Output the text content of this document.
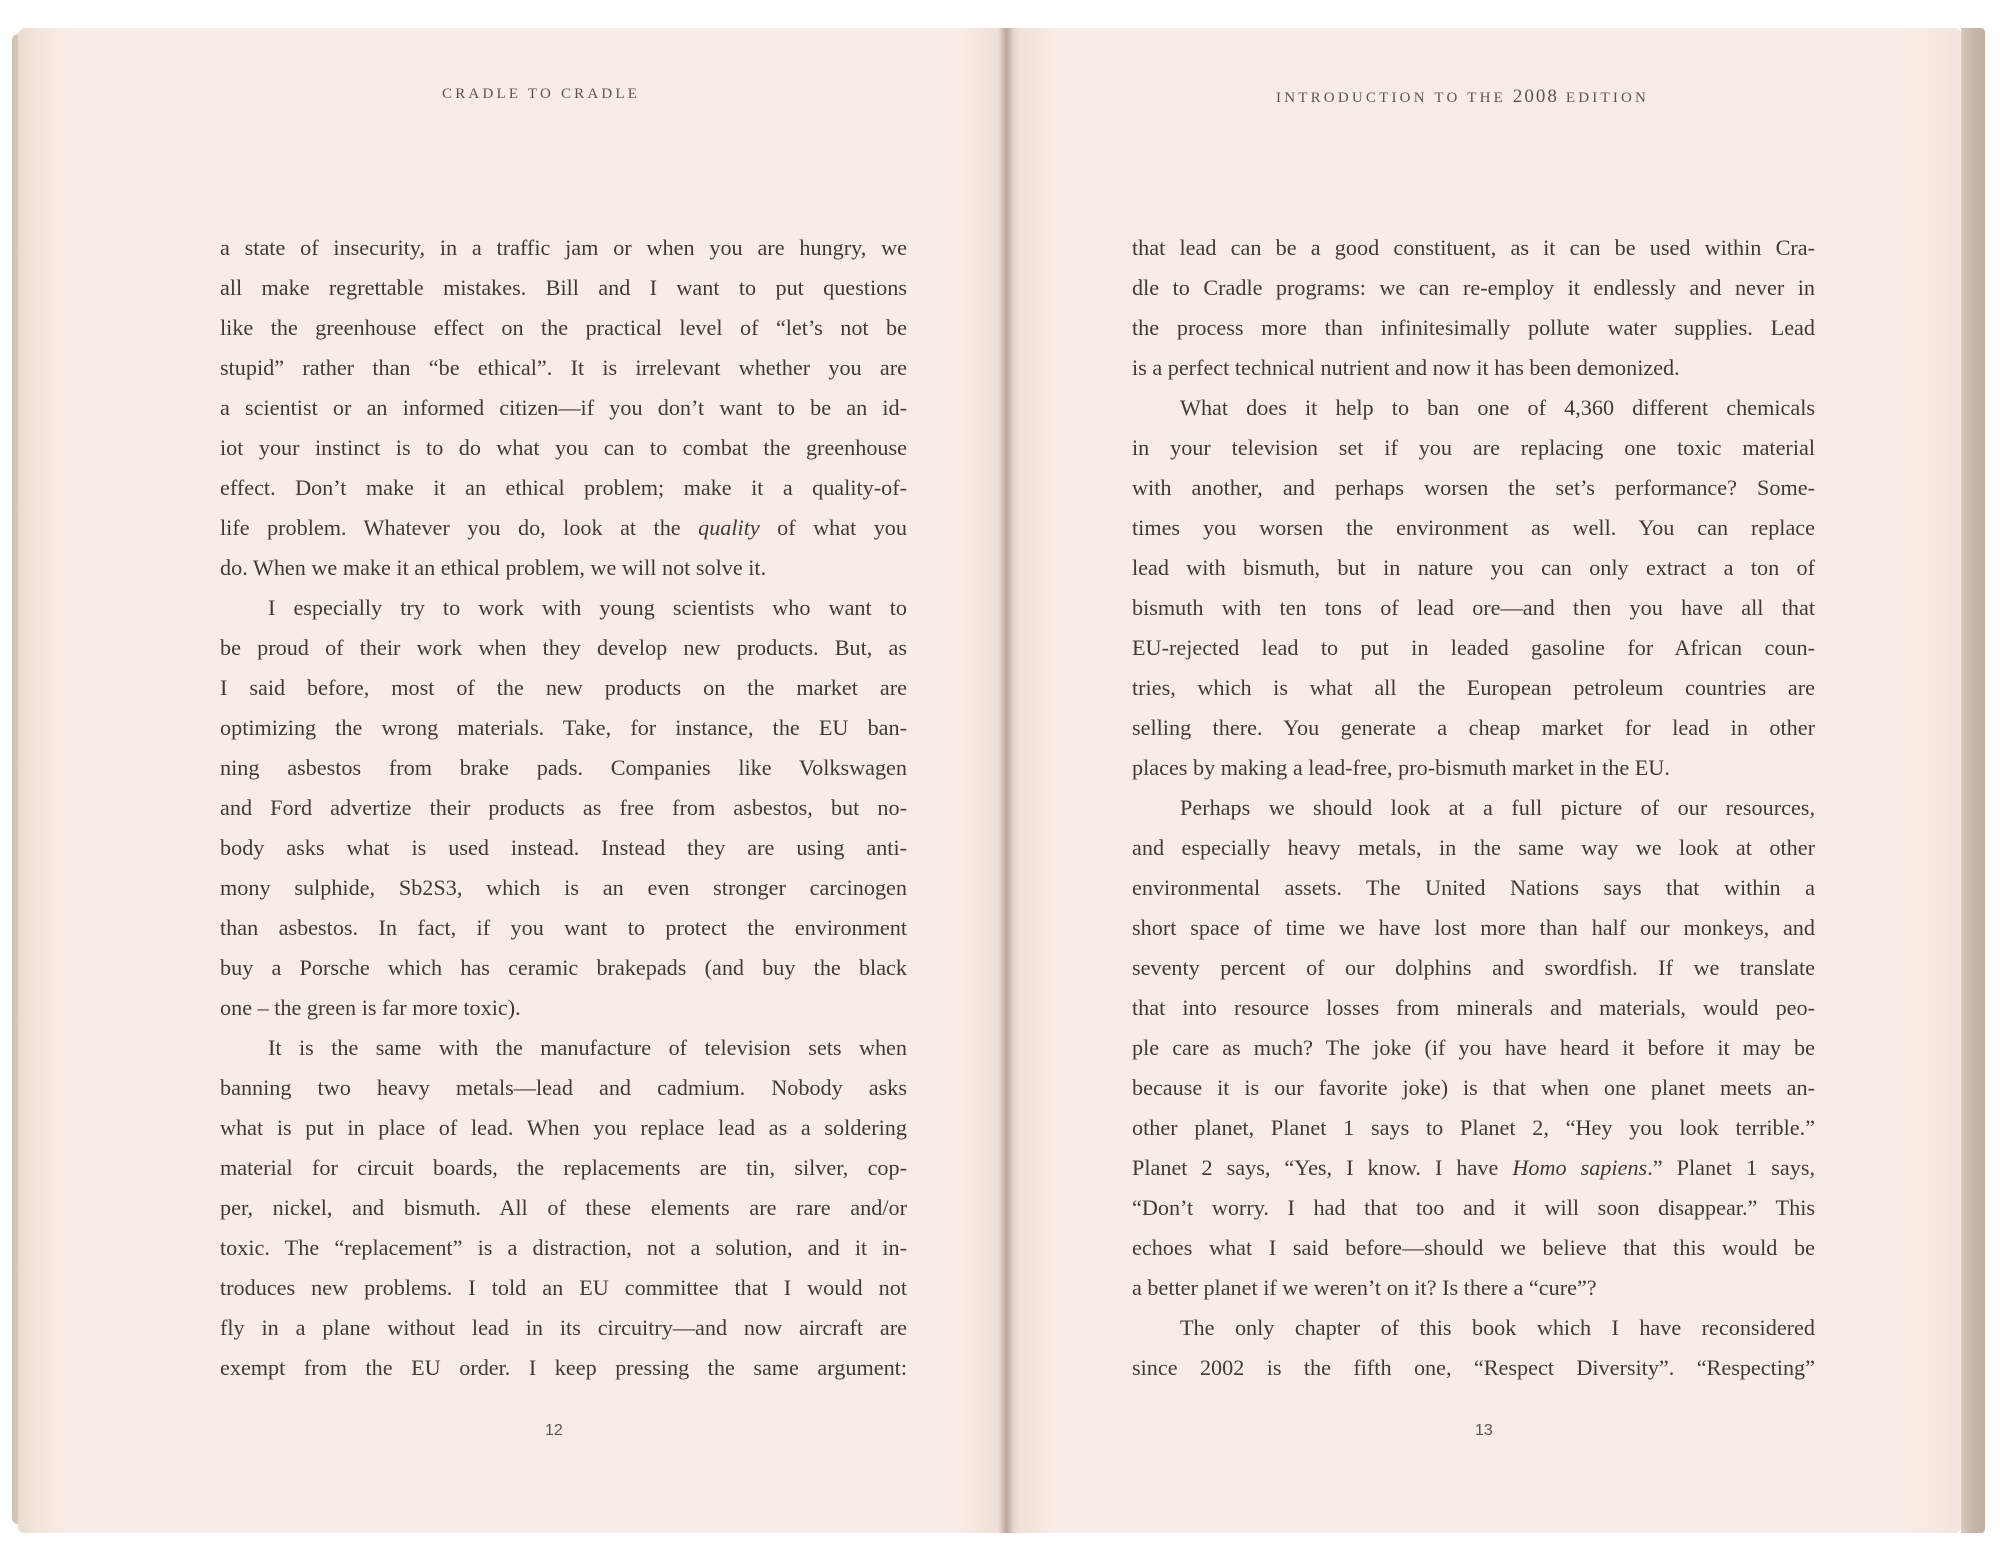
CRADLE TO CRADLE
a state of insecurity, in a traffic jam or when you are hungry, we
all make regrettable mistakes. Bill and I want to put questions
like the greenhouse effect on the practical level of “let’s not be
stupid” rather than “be ethical”. It is irrelevant whether you are
a scientist or an informed citizen—if you don’t want to be an id-
iot your instinct is to do what you can to combat the greenhouse
effect. Don’t make it an ethical problem; make it a quality-of-
life problem. Whatever you do, look at the quality of what you
do. When we make it an ethical problem, we will not solve it.
I especially try to work with young scientists who want to
be proud of their work when they develop new products. But, as
I said before, most of the new products on the market are
optimizing the wrong materials. Take, for instance, the EU ban-
ning asbestos from brake pads. Companies like Volkswagen
and Ford advertize their products as free from asbestos, but no-
body asks what is used instead. Instead they are using anti-
mony sulphide, Sb2S3, which is an even stronger carcinogen
than asbestos. In fact, if you want to protect the environment
buy a Porsche which has ceramic brakepads (and buy the black
one – the green is far more toxic).
It is the same with the manufacture of television sets when
banning two heavy metals—lead and cadmium. Nobody asks
what is put in place of lead. When you replace lead as a soldering
material for circuit boards, the replacements are tin, silver, cop-
per, nickel, and bismuth. All of these elements are rare and/or
toxic. The “replacement” is a distraction, not a solution, and it in-
troduces new problems. I told an EU committee that I would not
fly in a plane without lead in its circuitry—and now aircraft are
exempt from the EU order. I keep pressing the same argument:
12
INTRODUCTION TO THE 2008 EDITION
that lead can be a good constituent, as it can be used within Cra-
dle to Cradle programs: we can re-employ it endlessly and never in
the process more than infinitesimally pollute water supplies. Lead
is a perfect technical nutrient and now it has been demonized.
What does it help to ban one of 4,360 different chemicals
in your television set if you are replacing one toxic material
with another, and perhaps worsen the set’s performance? Some-
times you worsen the environment as well. You can replace
lead with bismuth, but in nature you can only extract a ton of
bismuth with ten tons of lead ore—and then you have all that
EU-rejected lead to put in leaded gasoline for African coun-
tries, which is what all the European petroleum countries are
selling there. You generate a cheap market for lead in other
places by making a lead-free, pro-bismuth market in the EU.
Perhaps we should look at a full picture of our resources,
and especially heavy metals, in the same way we look at other
environmental assets. The United Nations says that within a
short space of time we have lost more than half our monkeys, and
seventy percent of our dolphins and swordfish. If we translate
that into resource losses from minerals and materials, would peo-
ple care as much? The joke (if you have heard it before it may be
because it is our favorite joke) is that when one planet meets an-
other planet, Planet 1 says to Planet 2, “Hey you look terrible.”
Planet 2 says, “Yes, I know. I have Homo sapiens.” Planet 1 says,
“Don’t worry. I had that too and it will soon disappear.” This
echoes what I said before—should we believe that this would be
a better planet if we weren’t on it? Is there a “cure”?
The only chapter of this book which I have reconsidered
since 2002 is the fifth one, “Respect Diversity”. “Respecting”
13
